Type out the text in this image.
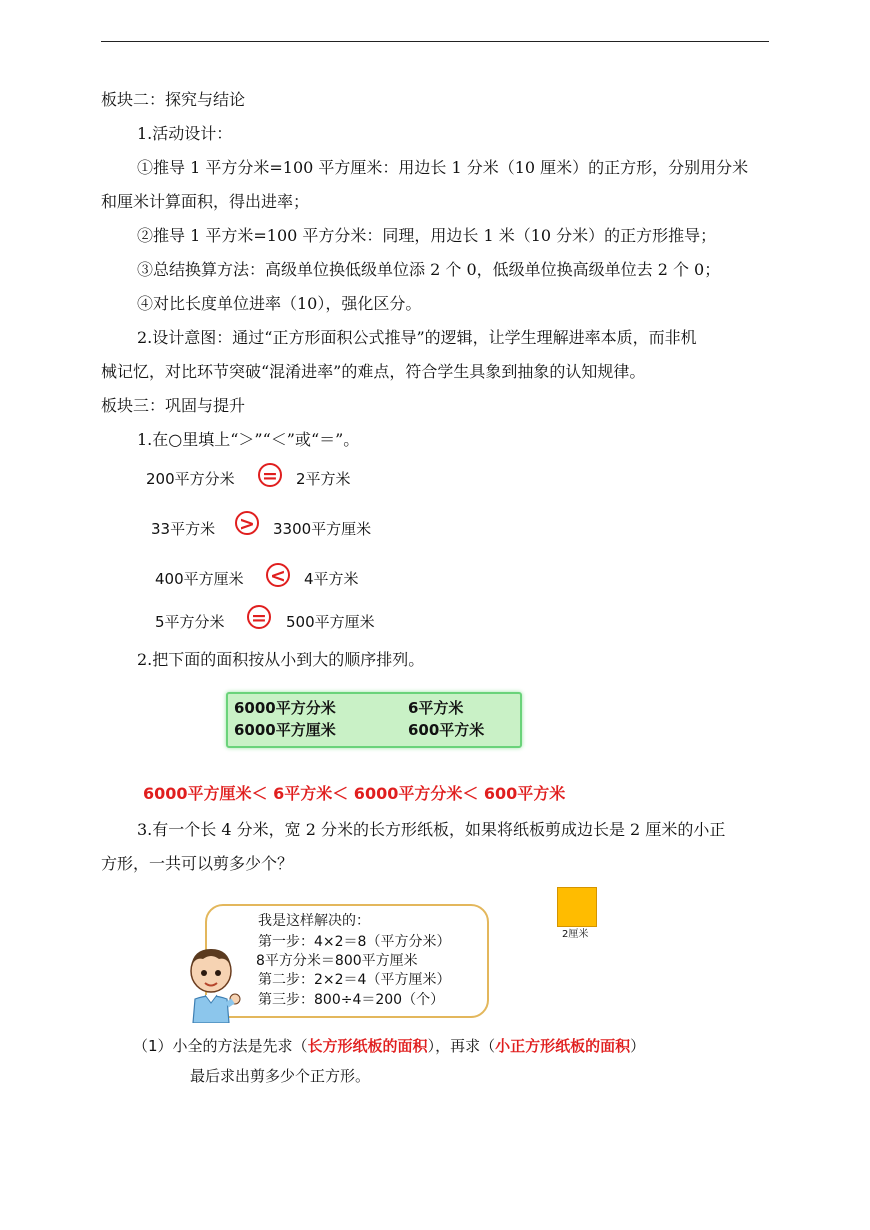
板块二：探究与结论
1.活动设计：
①推导 1 平方分米=100 平方厘米：用边长 1 分米（10 厘米）的正方形，分别用分米
和厘米计算面积，得出进率；
②推导 1 平方米=100 平方分米：同理，用边长 1 米（10 分米）的正方形推导；
③总结换算方法：高级单位换低级单位添 2 个 0，低级单位换高级单位去 2 个 0；
④对比长度单位进率（10），强化区分。
2.设计意图：通过“正方形面积公式推导”的逻辑，让学生理解进率本质，而非机
械记忆，对比环节突破“混淆进率”的难点，符合学生具象到抽象的认知规律。
板块三：巩固与提升
1.在○里填上“＞”“＜”或“＝”。
200平方分米 = 2平方米
33平方米 > 3300平方厘米
400平方厘米 < 4平方米
5平方分米 = 500平方厘米
2.把下面的面积按从小到大的顺序排列。
6000平方分米	6平方米
6000平方厘米	600平方米
6000平方厘米＜ 6平方米＜ 6000平方分米＜ 600平方米
3.有一个长 4 分米，宽 2 分米的长方形纸板，如果将纸板剪成边长是 2 厘米的小正
方形，一共可以剪多少个？
2厘米
我是这样解决的：
第一步：4×2＝8（平方分米）
8平方分米＝800平方厘米
第二步：2×2＝4（平方厘米）
第三步：800÷4＝200（个）
（1）小全的方法是先求（长方形纸板的面积），再求（小正方形纸板的面积）
最后求出剪多少个正方形。
